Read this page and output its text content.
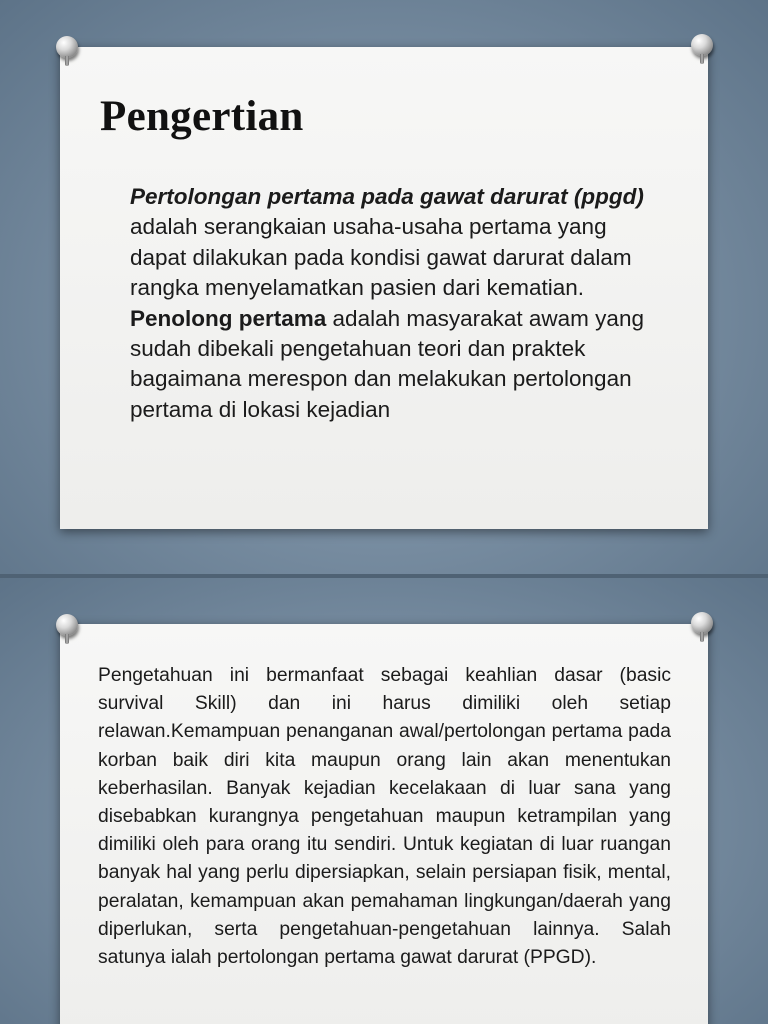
Pengertian

Pertolongan pertama pada gawat darurat (ppgd) adalah serangkaian usaha-usaha pertama yang dapat dilakukan pada kondisi gawat darurat dalam rangka menyelamatkan pasien dari kematian.
Penolong pertama adalah masyarakat awam yang sudah dibekali pengetahuan teori dan praktek bagaimana merespon dan melakukan pertolongan pertama di lokasi kejadian

Pengetahuan ini bermanfaat sebagai keahlian dasar (basic survival Skill) dan ini harus dimiliki oleh setiap relawan.Kemampuan penanganan awal/pertolongan pertama pada korban baik diri kita maupun orang lain akan menentukan keberhasilan. Banyak kejadian kecelakaan di luar sana yang disebabkan kurangnya pengetahuan maupun ketrampilan yang dimiliki oleh para orang itu sendiri. Untuk kegiatan di luar ruangan banyak hal yang perlu dipersiapkan, selain persiapan fisik, mental, peralatan, kemampuan akan pemahaman lingkungan/daerah yang diperlukan, serta pengetahuan-pengetahuan lainnya. Salah satunya ialah pertolongan pertama gawat darurat (PPGD).
